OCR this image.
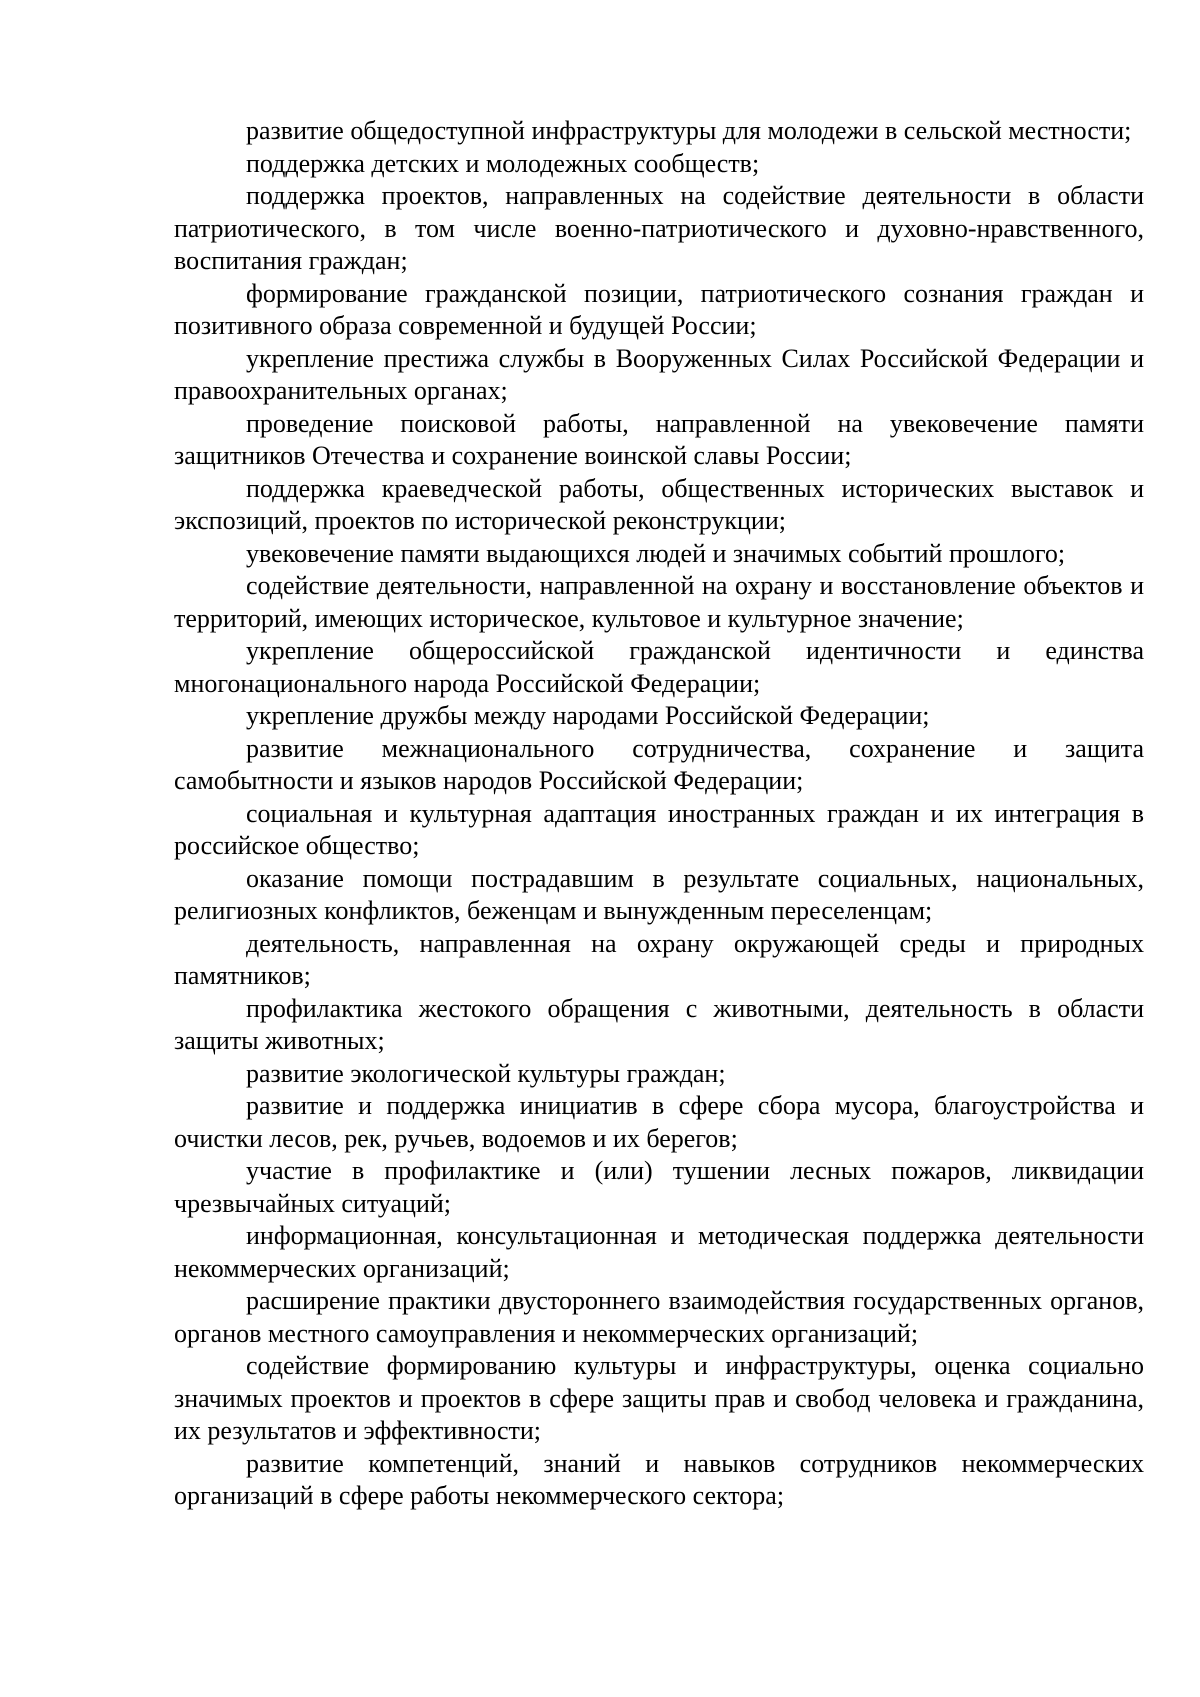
развитие общедоступной инфраструктуры для молодежи в сельской местности;

поддержка детских и молодежных сообществ;

поддержка проектов, направленных на содействие деятельности в области патриотического, в том числе военно-патриотического и духовно-нравственного, воспитания граждан;

формирование гражданской позиции, патриотического сознания граждан и позитивного образа современной и будущей России;

укрепление престижа службы в Вооруженных Силах Российской Федерации и правоохранительных органах;

проведение поисковой работы, направленной на увековечение памяти защитников Отечества и сохранение воинской славы России;

поддержка краеведческой работы, общественных исторических выставок и экспозиций, проектов по исторической реконструкции;

увековечение памяти выдающихся людей и значимых событий прошлого;

содействие деятельности, направленной на охрану и восстановление объектов и территорий, имеющих историческое, культовое и культурное значение;

укрепление общероссийской гражданской идентичности и единства многонационального народа Российской Федерации;

укрепление дружбы между народами Российской Федерации;

развитие межнационального сотрудничества, сохранение и защита самобытности и языков народов Российской Федерации;

социальная и культурная адаптация иностранных граждан и их интеграция в российское общество;

оказание помощи пострадавшим в результате социальных, национальных, религиозных конфликтов, беженцам и вынужденным переселенцам;

деятельность, направленная на охрану окружающей среды и природных памятников;

профилактика жестокого обращения с животными, деятельность в области защиты животных;

развитие экологической культуры граждан;

развитие и поддержка инициатив в сфере сбора мусора, благоустройства и очистки лесов, рек, ручьев, водоемов и их берегов;

участие в профилактике и (или) тушении лесных пожаров, ликвидации чрезвычайных ситуаций;

информационная, консультационная и методическая поддержка деятельности некоммерческих организаций;

расширение практики двустороннего взаимодействия государственных органов, органов местного самоуправления и некоммерческих организаций;

содействие формированию культуры и инфраструктуры, оценка социально значимых проектов и проектов в сфере защиты прав и свобод человека и гражданина, их результатов и эффективности;

развитие компетенций, знаний и навыков сотрудников некоммерческих организаций в сфере работы некоммерческого сектора;
